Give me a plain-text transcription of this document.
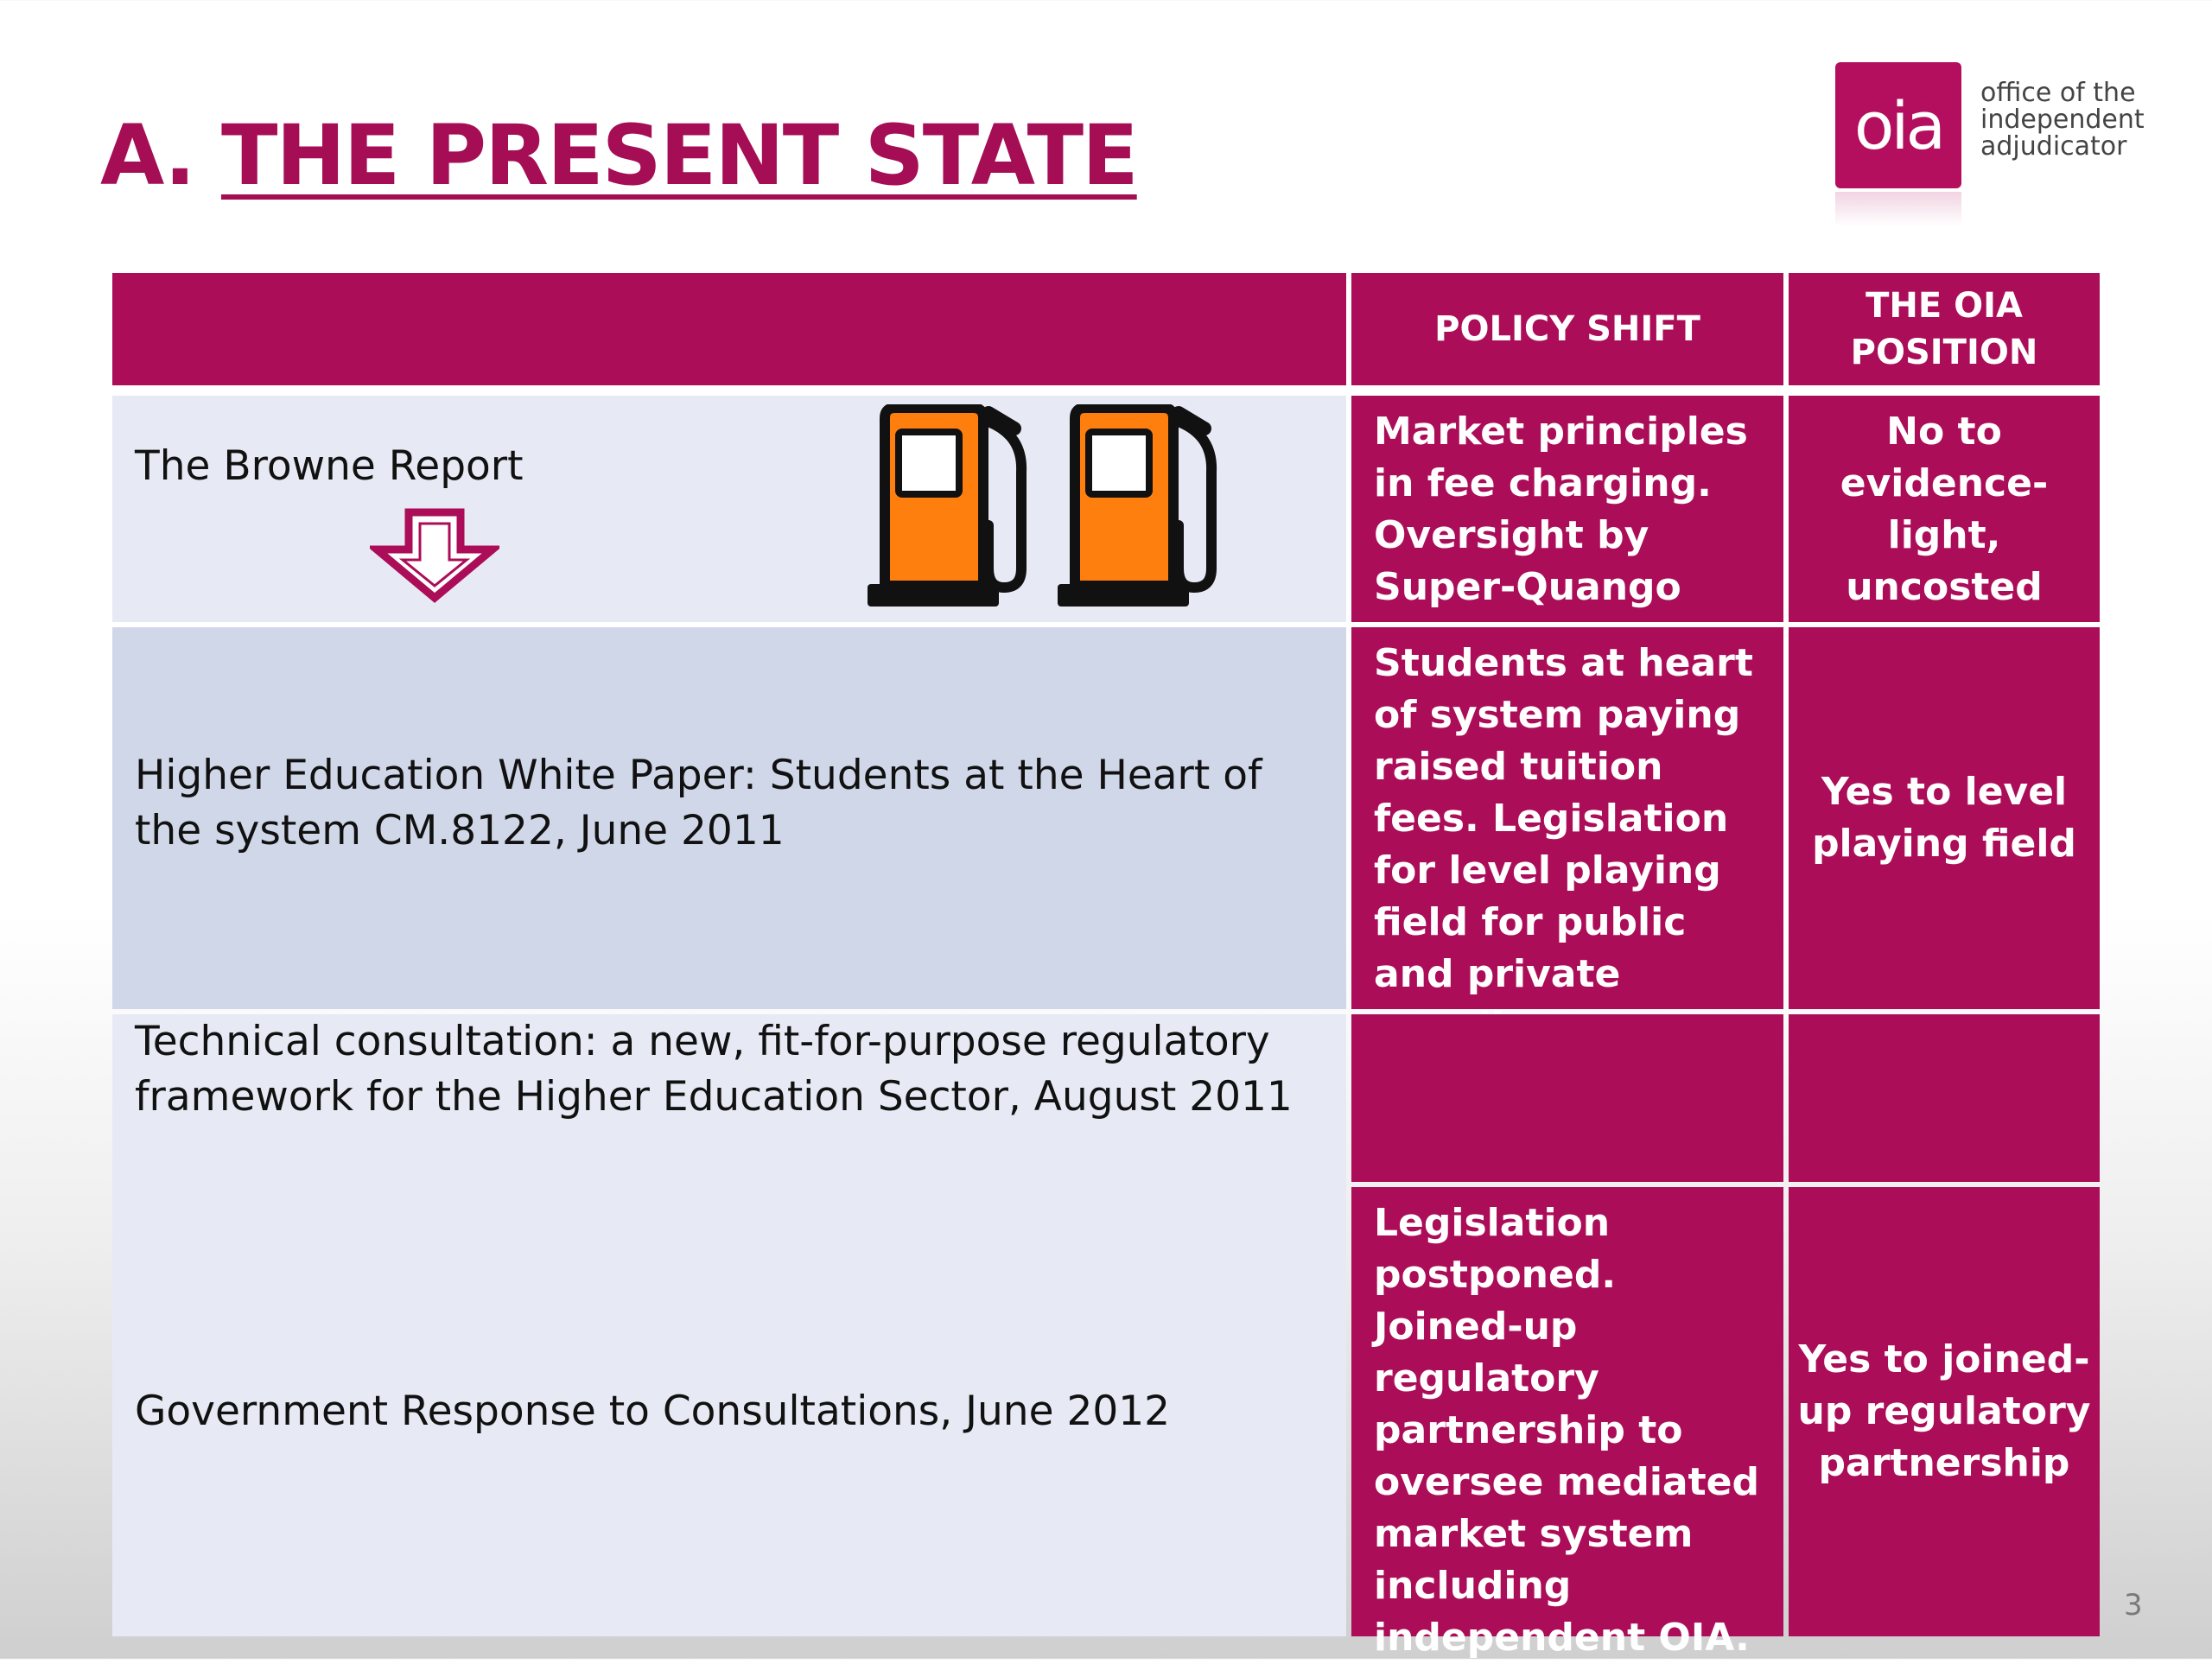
A. THE PRESENT STATE	oia	office of the
independent
adjudicator
POLICY SHIFT
THE OIA POSITION
The Browne Report
Market principles in fee charging. Oversight by Super-Quango
No to evidence-light, uncosted
Higher Education White Paper: Students at the Heart of the system CM.8122, June 2011
Students at heart of system paying raised tuition fees. Legislation for level playing field for public and private
Yes to level playing field
Technical consultation: a new, fit-for-purpose regulatory framework for the Higher Education Sector, August 2011
Government Response to Consultations, June 2012
Legislation postponed. Joined-up regulatory partnership to oversee mediated market system including independent OIA.
Yes to joined-up regulatory partnership
3
